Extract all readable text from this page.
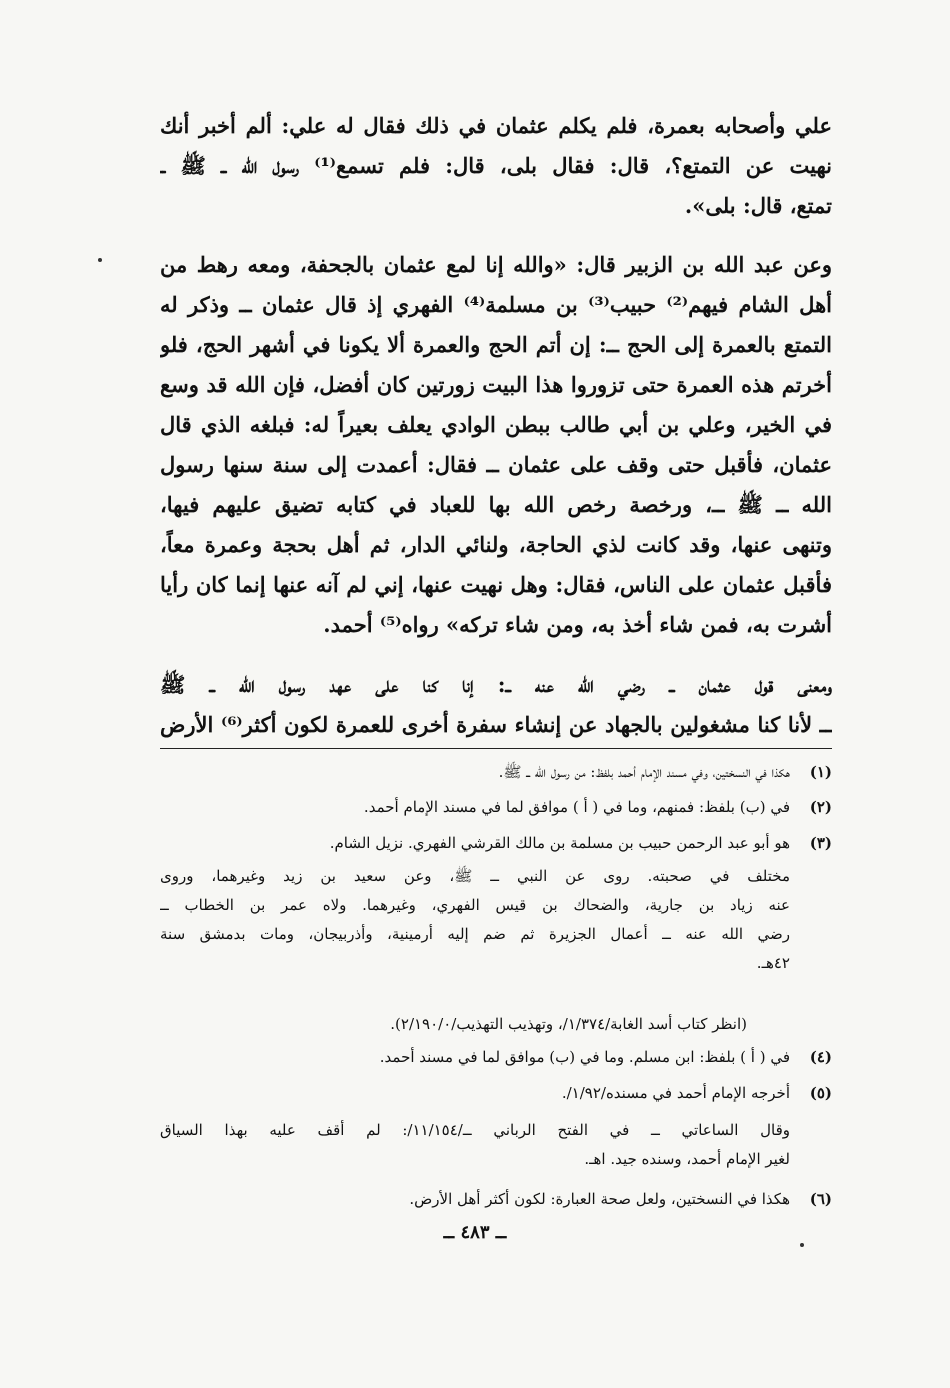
علي وأصحابه بعمرة، فلم يكلم عثمان في ذلك فقال له علي: ألم أخبر أنك
نهيت عن التمتع؟، قال: فقال بلى، قال: فلم تسمع⁽¹⁾ رسول الله ــ ﷺ ــ
تمتع، قال: بلى».
وعن عبد الله بن الزبير قال: «والله إنا لمع عثمان بالجحفة، ومعه رهط من
أهل الشام فيهم⁽²⁾ حبيب⁽³⁾ بن مسلمة⁽⁴⁾ الفهري إذ قال عثمان ــ وذكر له
التمتع بالعمرة إلى الحج ــ: إن أتم الحج والعمرة ألا يكونا في أشهر الحج، فلو
أخرتم هذه العمرة حتى تزوروا هذا البيت زورتين كان أفضل، فإن الله قد وسع
في الخير، وعلي بن أبي طالب ببطن الوادي يعلف بعيراً له: فبلغه الذي قال
عثمان، فأقبل حتى وقف على عثمان ــ فقال: أعمدت إلى سنة سنها رسول
الله ــ ﷺ ــ، ورخصة رخص الله بها للعباد في كتابه تضيق عليهم فيها،
وتنهى عنها، وقد كانت لذي الحاجة، ولنائي الدار، ثم أهل بحجة وعمرة معاً،
فأقبل عثمان على الناس، فقال: وهل نهيت عنها، إني لم آنه عنها إنما كان رأيا
أشرت به، فمن شاء أخذ به، ومن شاء تركه» رواه⁽⁵⁾ أحمد.
ومعنى قول عثمان ــ رضي الله عنه ــ: إنا كنا على عهد رسول الله ــ ﷺ
ــ لأنا كنا مشغولين بالجهاد عن إنشاء سفرة أخرى للعمرة لكون أكثر⁽⁶⁾ الأرض
(١)
هكذا في النسختين، وفي مسند الإمام أحمد بلفظ: من رسول الله ــ ﷺ.
(٢)
في (ب) بلفظ: فمنهم، وما في ( أ ) موافق لما في مسند الإمام أحمد.
(٣)
هو أبو عبد الرحمن حبيب بن مسلمة بن مالك القرشي الفهري. نزيل الشام.
مختلف في صحبته. روى عن النبي ــ ﷺ، وعن سعيد بن زيد وغيرهما، وروى
عنه زياد بن جارية، والضحاك بن قيس الفهري، وغيرهما. ولاه عمر بن الخطاب ــ
رضي الله عنه ــ أعمال الجزيرة ثم ضم إليه أرمينية، وأذربيجان، ومات بدمشق سنة
٤٢هـ.
(انظر كتاب أسد الغابة/١/٣٧٤/، وتهذيب التهذيب/٢/١٩٠/٠).
(٤)
في ( أ ) بلفظ: ابن مسلم. وما في (ب) موافق لما في مسند أحمد.
(٥)
أخرجه الإمام أحمد في مسنده/١/٩٢/.
وقال الساعاتي ــ في الفتح الرباني ــ/١١/١٥٤/: لم أقف عليه بهذا السياق
لغير الإمام أحمد، وسنده جيد. اهـ.
(٦)
هكذا في النسختين، ولعل صحة العبارة: لكون أكثر أهل الأرض.
ــ ٤٨٣ ــ
